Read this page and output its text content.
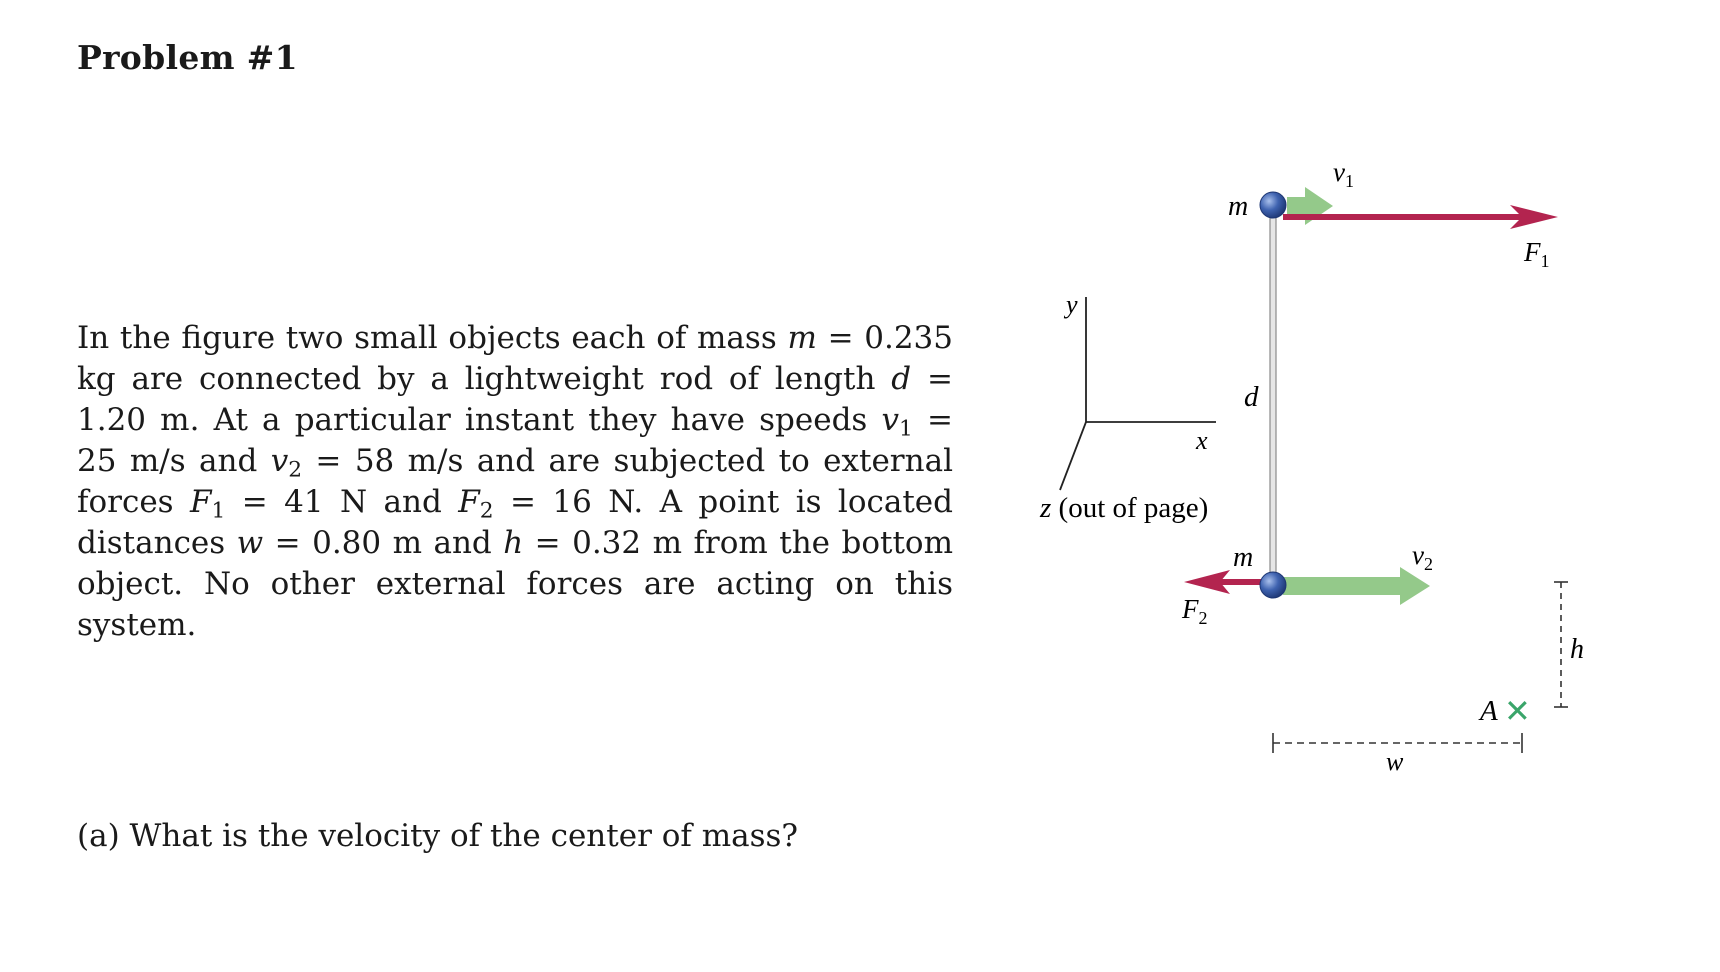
Problem #1
In the figure two small objects each of mass m = 0.235 kg are connected by a lightweight rod of length d = 1.20 m. At a particular instant they have speeds $v_1 = 25$ m/s and $v_2 = 58$ m/s and are subjected to external forces $F_1 = 41$ N and $F_2 = 16$ N. A point is located distances w = 0.80 m and h = 0.32 m from the bottom object. No other external forces are acting on this system.
(a) What is the velocity of the center of mass?
y
x
z (out of page)
d
m
$v_1$
$F_1$
m	$v_2$
$F_2$
h
A ✕
w
